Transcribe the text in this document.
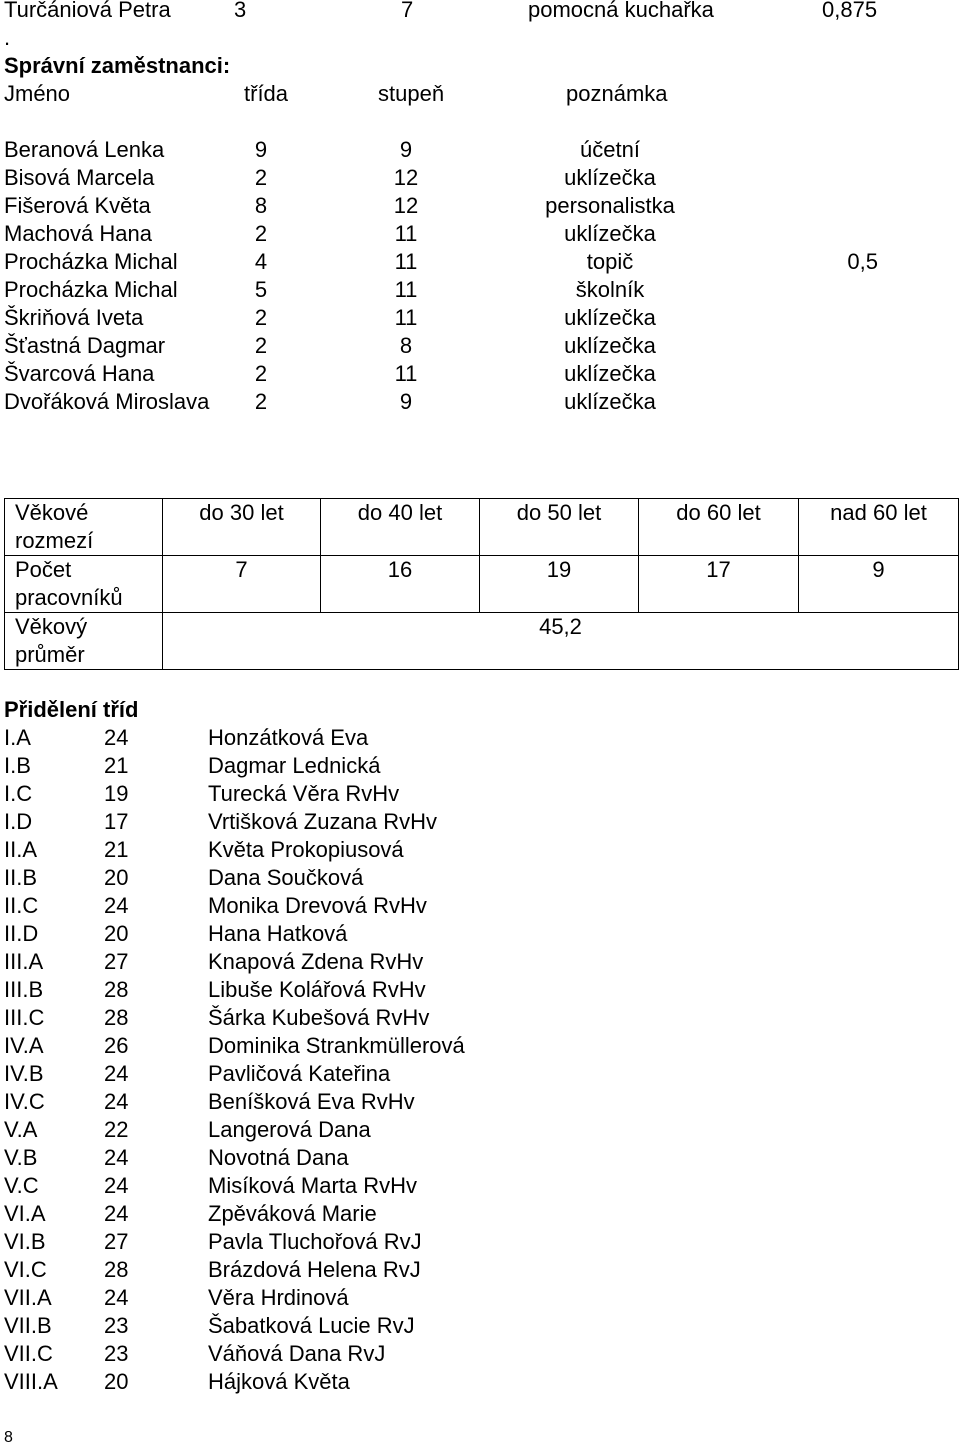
Turčániová Petra	3	7	pomocná kuchařka	0,875
.
Správní zaměstnanci:
Jméno	třída	stupeň	poznámka
Beranová Lenka	9	9	účetní
Bisová Marcela	2	12	uklízečka
Fišerová Květa	8	12	personalistka
Machová Hana	2	11	uklízečka
Procházka Michal	4	11	topič	0,5
Procházka Michal	5	11	školník
Škriňová Iveta	2	11	uklízečka
Šťastná Dagmar	2	8	uklízečka
Švarcová Hana	2	11	uklízečka
Dvořáková Miroslava 2	9	uklízečka
Věkové
rozmezí	do 30 let	do 40 let	do 50 let	do 60 let	nad 60 let

Počet
pracovníků	7	16	19	17	9

Věkový
průměr	45,2				
Přidělení tříd
I.A	24	Honzátková Eva
I.B	21	Dagmar Lednická
I.C	19	Turecká Věra RvHv
I.D	17	Vrtišková Zuzana RvHv
II.A	21	Květa Prokopiusová
II.B	20	Dana Součková
II.C	24	Monika Drevová RvHv
II.D	20	Hana Hatková
III.A	27	Knapová Zdena RvHv
III.B	28	Libuše Kolářová RvHv
III.C	28	Šárka Kubešová RvHv
IV.A	26	Dominika Strankmüllerová
IV.B	24	Pavličová Kateřina
IV.C	24	Beníšková Eva RvHv
V.A	22	Langerová Dana
V.B	24	Novotná Dana
V.C	24	Misíková Marta RvHv
VI.A	24	Zpěváková Marie
VI.B	27	Pavla Tluchořová RvJ
VI.C	28	Brázdová Helena RvJ
VII.A 24	Věra Hrdinová
VII.B 23	Šabatková Lucie RvJ
VII.C 23	Váňová Dana RvJ
VIII.A 20	Hájková Květa
8
